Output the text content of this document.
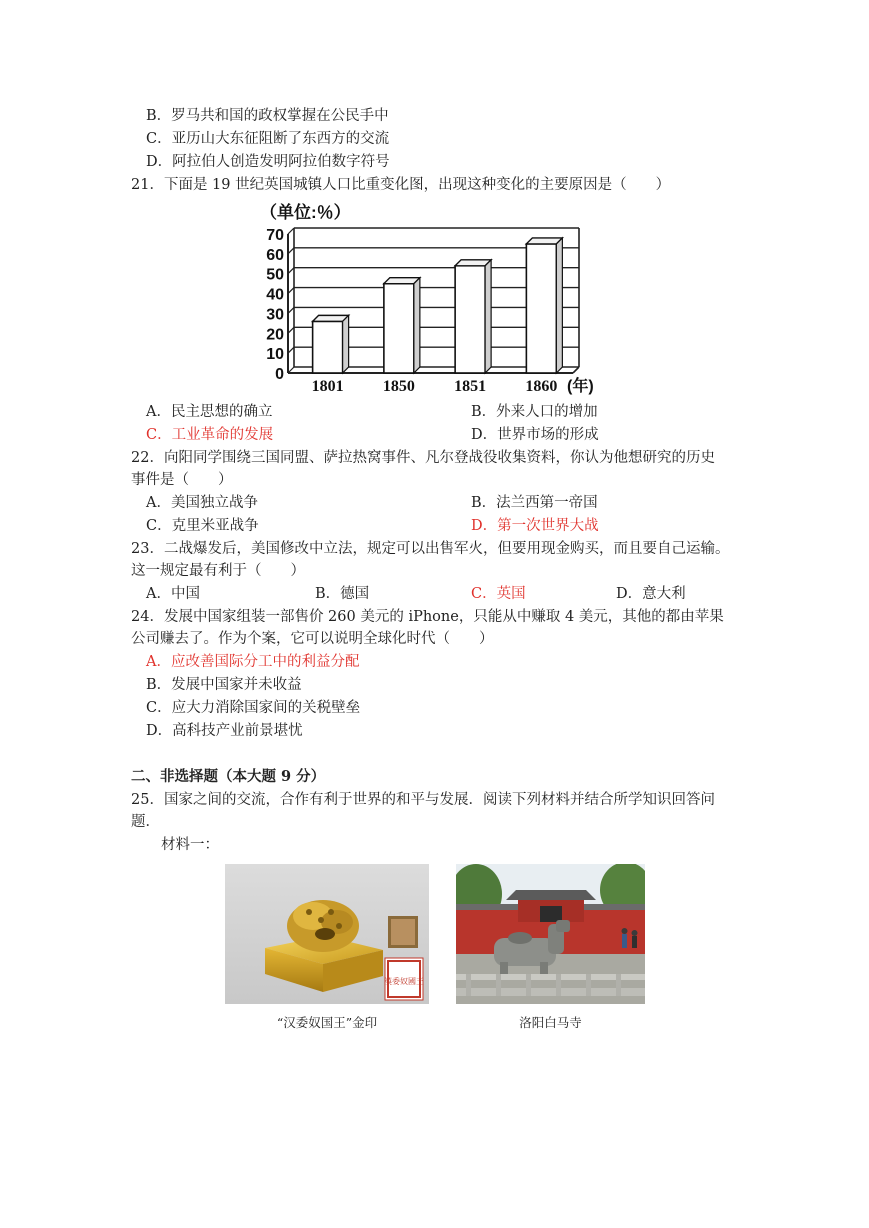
B．罗马共和国的政权掌握在公民手中
C．亚历山大东征阻断了东西方的交流
D．阿拉伯人创造发明阿拉伯数字符号
21．下面是 19 世纪英国城镇人口比重变化图，出现这种变化的主要原因是（　　）
（单位:％）
0
10
20
30
40
50
60
70
1801 1850 1851 1860 (年)
A．民主思想的确立	B．外来人口的增加
C．工业革命的发展	D．世界市场的形成
22．向阳同学围绕三国同盟、萨拉热窝事件、凡尔登战役收集资料，你认为他想研究的历史
事件是（　　）
A．美国独立战争	B．法兰西第一帝国
C．克里米亚战争	D．第一次世界大战
23．二战爆发后，美国修改中立法，规定可以出售军火，但要用现金购买，而且要自己运输。
这一规定最有利于（　　）
A．中国	B．德国	C．英国	D．意大利
24．发展中国家组装一部售价 260 美元的 iPhone，只能从中赚取 4 美元，其他的都由苹果
公司赚去了。作为个案，它可以说明全球化时代（　　）
A．应改善国际分工中的利益分配
B．发展中国家并未收益
C．应大力消除国家间的关税壁垒
D．高科技产业前景堪忧
二、非选择题（本大题 9 分）
25．国家之间的交流，合作有利于世界的和平与发展．阅读下列材料并结合所学知识回答问
题．
材料一：
漢委奴國王
“汉委奴国王”金印	洛阳白马寺
